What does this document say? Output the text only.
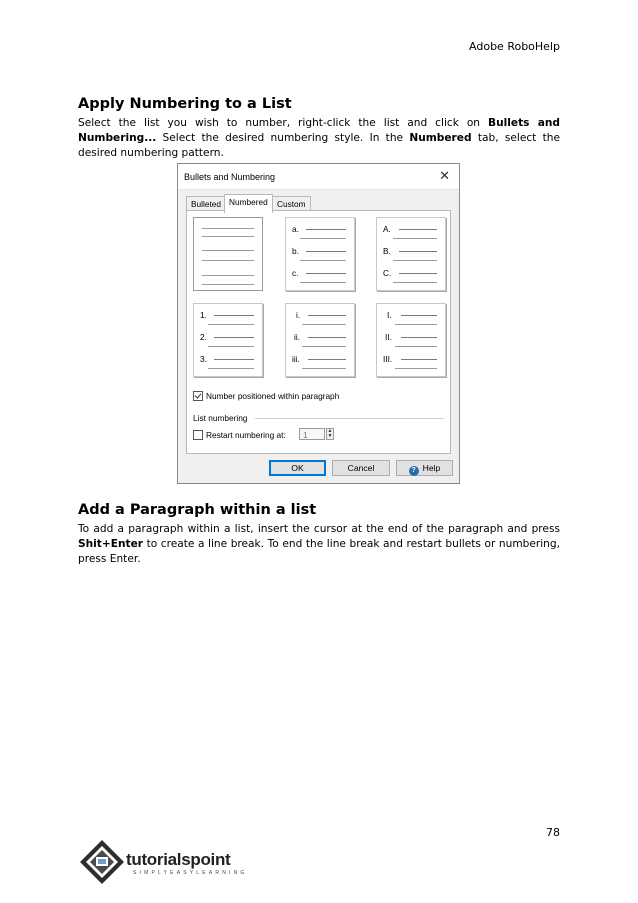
Adobe RoboHelp
Apply Numbering to a List

Select the list you wish to number, right-click the list and click on Bullets and Numbering... Select the desired numbering style. In the Numbered tab, select the desired numbering pattern.

Bullets and Numbering	✕
Bulleted Numbered	Custom
a.
b.
c.
A.
B.
C.
1.
2.
3.
i.
ii.
iii.
I.
II.
III.
Number positioned within paragraph
List numbering
Restart numbering at:	1	▲
▼
OK	Cancel	? Help
Add a Paragraph within a list

To add a paragraph within a list, insert the cursor at the end of the paragraph and press Shit+Enter to create a line break. To end the line break and restart bullets or numbering, press Enter.

78
tutorialspoint
SIMPLYEASYLEARNING
